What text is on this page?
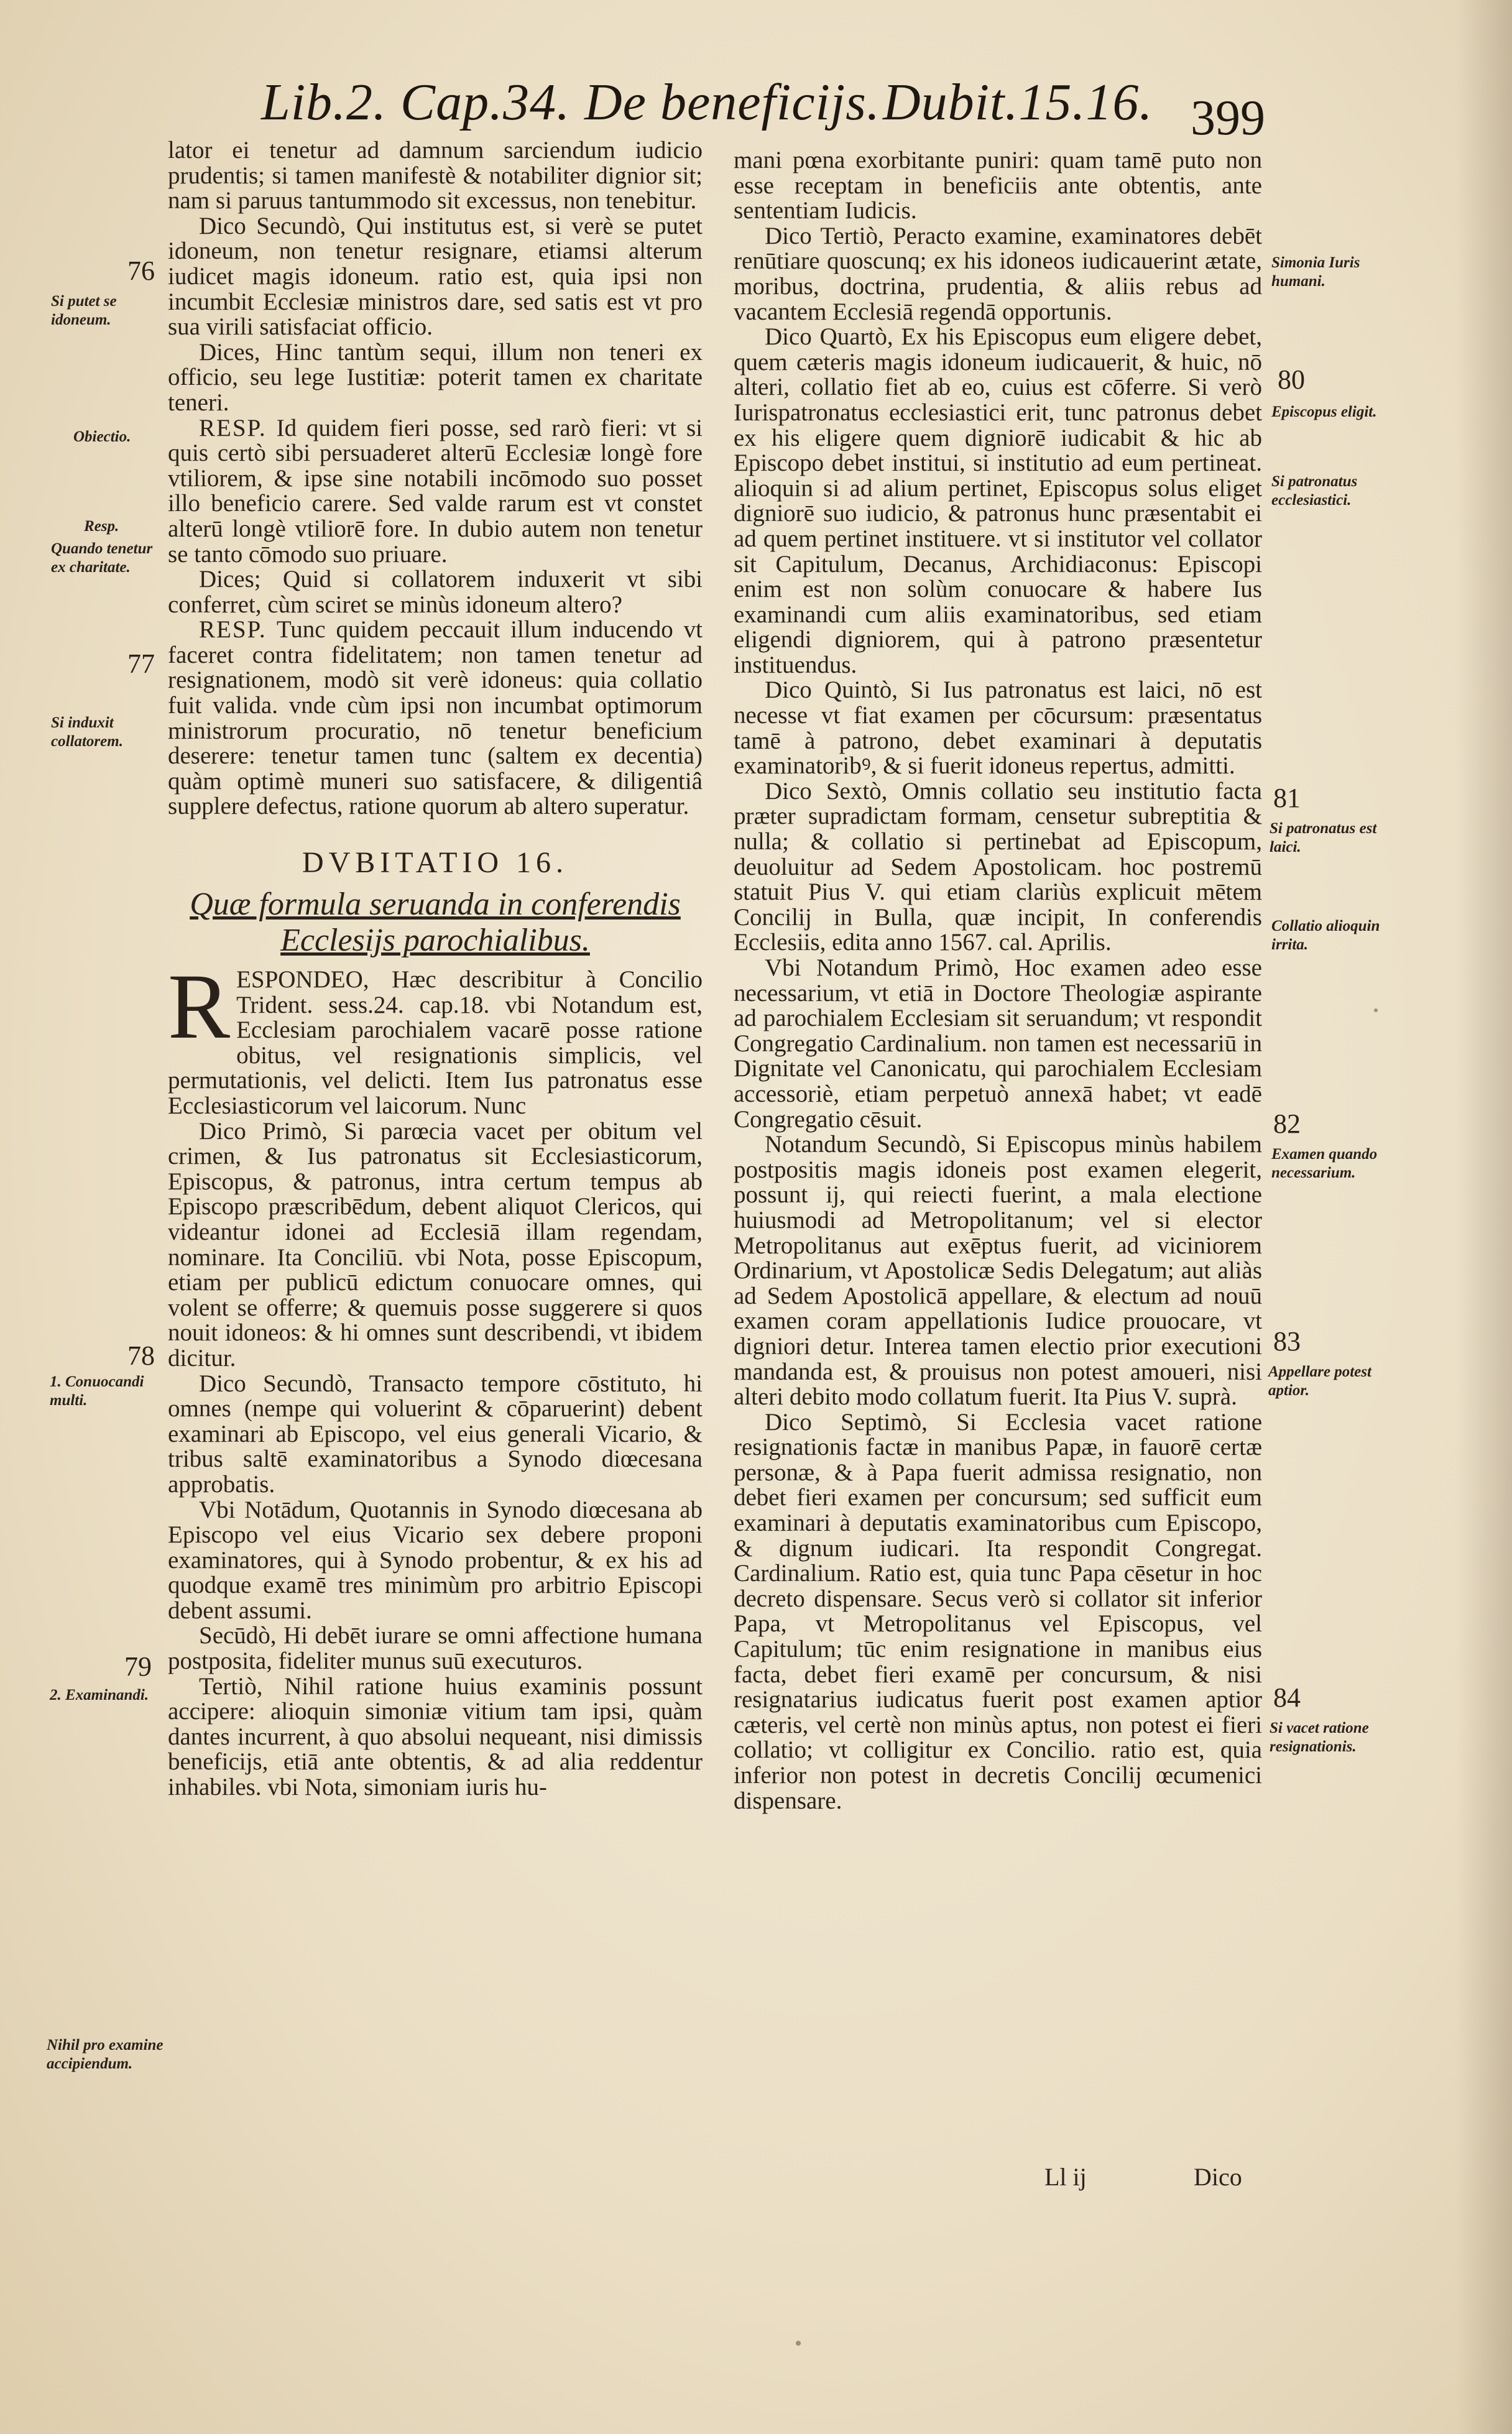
Lib.2. Cap.34. De beneficijs. Dubit.15.16. 399

lator ei tenetur ad damnum sarciendum iudicio prudentis; si tamen manifestè & notabiliter dignior sit; nam si paruus tantummodo sit excessus, non tenebitur.

Dico Secundò, Qui institutus est, si verè se putet idoneum, non tenetur resignare, etiamsi alterum iudicet magis idoneum. ratio est, quia ipsi non incumbit Ecclesiæ ministros dare, sed satis est vt pro sua virili satisfaciat officio.

Dices, Hinc tantùm sequi, illum non teneri ex officio, seu lege Iustitiæ: poterit tamen ex charitate teneri.

RESP. Id quidem fieri posse, sed rarò fieri: vt si quis certò sibi persuaderet alterū Ecclesiæ longè fore vtiliorem, & ipse sine notabili incōmodo suo posset illo beneficio carere. Sed valde rarum est vt constet alterū longè vtiliorē fore. In dubio autem non tenetur se tanto cōmodo suo priuare.

Dices; Quid si collatorem induxerit vt sibi conferret, cùm sciret se minùs idoneum altero?

RESP. Tunc quidem peccauit illum inducendo vt faceret contra fidelitatem; non tamen tenetur ad resignationem, modò sit verè idoneus: quia collatio fuit valida. vnde cùm ipsi non incumbat optimorum ministrorum procuratio, nō tenetur beneficium deserere: tenetur tamen tunc (saltem ex decentia) quàm optimè muneri suo satisfacere, & diligentiâ supplere defectus, ratione quorum ab altero superatur.

DVBITATIO 16.
Quæ formula seruanda in conferendis Ecclesijs parochialibus.

RESPONDEO, Hæc describitur à Concilio Trident. sess.24. cap.18. vbi Notandum est, Ecclesiam parochialem vacarē posse ratione obitus, vel resignationis simplicis, vel permutationis, vel delicti. Item Ius patronatus esse Ecclesiasticorum vel laicorum. Nunc

Dico Primò, Si parœcia vacet per obitum vel crimen, & Ius patronatus sit Ecclesiasticorum, Episcopus, & patronus, intra certum tempus ab Episcopo præscribēdum, debent aliquot Clericos, qui videantur idonei ad Ecclesiā illam regendam, nominare. Ita Conciliū. vbi Nota, posse Episcopum, etiam per publicū edictum conuocare omnes, qui volent se offerre; & quemuis posse suggerere si quos nouit idoneos: & hi omnes sunt describendi, vt ibidem dicitur.

Dico Secundò, Transacto tempore cōstituto, hi omnes (nempe qui voluerint & cōparuerint) debent examinari ab Episcopo, vel eius generali Vicario, & tribus saltē examinatoribus a Synodo diœcesana approbatis.

Vbi Notādum, Quotannis in Synodo diœcesana ab Episcopo vel eius Vicario sex debere proponi examinatores, qui à Synodo probentur, & ex his ad quodque examē tres minimùm pro arbitrio Episcopi debent assumi.

Secūdò, Hi debēt iurare se omni affectione humana postposita, fideliter munus suū executuros.

Tertiò, Nihil ratione huius examinis possunt accipere: alioquin simoniæ vitium tam ipsi, quàm dantes incurrent, à quo absolui nequeant, nisi dimissis beneficijs, etiā ante obtentis, & ad alia reddentur inhabiles. vbi Nota, simoniam iuris hu-

mani pœna exorbitante puniri: quam tamē puto non esse receptam in beneficiis ante obtentis, ante sententiam Iudicis.

Dico Tertiò, Peracto examine, examinatores debēt renūtiare quoscunq; ex his idoneos iudicauerint ætate, moribus, doctrina, prudentia, & aliis rebus ad vacantem Ecclesiā regendā opportunis.

Dico Quartò, Ex his Episcopus eum eligere debet, quem cæteris magis idoneum iudicauerit, & huic, nō alteri, collatio fiet ab eo, cuius est cōferre. Si verò Iurispatronatus ecclesiastici erit, tunc patronus debet ex his eligere quem digniorē iudicabit & hic ab Episcopo debet institui, si institutio ad eum pertineat. alioquin si ad alium pertinet, Episcopus solus eliget digniorē suo iudicio, & patronus hunc præsentabit ei ad quem pertinet instituere. vt si institutor vel collator sit Capitulum, Decanus, Archidiaconus: Episcopi enim est non solùm conuocare & habere Ius examinandi cum aliis examinatoribus, sed etiam eligendi digniorem, qui à patrono præsentetur instituendus.

Dico Quintò, Si Ius patronatus est laici, nō est necesse vt fiat examen per cōcursum: præsentatus tamē à patrono, debet examinari à deputatis examinatoribꝰ, & si fuerit idoneus repertus, admitti.

Dico Sextò, Omnis collatio seu institutio facta præter supradictam formam, censetur subreptitia & nulla; & collatio si pertinebat ad Episcopum, deuoluitur ad Sedem Apostolicam. hoc postremū statuit Pius V. qui etiam clariùs explicuit mētem Concilij in Bulla, quæ incipit, In conferendis Ecclesiis, edita anno 1567. cal. Aprilis.

Vbi Notandum Primò, Hoc examen adeo esse necessarium, vt etiā in Doctore Theologiæ aspirante ad parochialem Ecclesiam sit seruandum; vt respondit Congregatio Cardinalium. non tamen est necessariū in Dignitate vel Canonicatu, qui parochialem Ecclesiam accessoriè, etiam perpetuò annexā habet; vt eadē Congregatio cēsuit.

Notandum Secundò, Si Episcopus minùs habilem postpositis magis idoneis post examen elegerit, possunt ij, qui reiecti fuerint, a mala electione huiusmodi ad Metropolitanum; vel si elector Metropolitanus aut exēptus fuerit, ad viciniorem Ordinarium, vt Apostolicæ Sedis Delegatum; aut aliàs ad Sedem Apostolicā appellare, & electum ad nouū examen coram appellationis Iudice prouocare, vt digniori detur. Interea tamen electio prior executioni mandanda est, & prouisus non potest amoueri, nisi alteri debito modo collatum fuerit. Ita Pius V. suprà.

Dico Septimò, Si Ecclesia vacet ratione resignationis factæ in manibus Papæ, in fauorē certæ personæ, & à Papa fuerit admissa resignatio, non debet fieri examen per concursum; sed sufficit eum examinari à deputatis examinatoribus cum Episcopo, & dignum iudicari. Ita respondit Congregat. Cardinalium. Ratio est, quia tunc Papa cēsetur in hoc decreto dispensare. Secus verò si collator sit inferior Papa, vt Metropolitanus vel Episcopus, vel Capitulum; tūc enim resignatione in manibus eius facta, debet fieri examē per concursum, & nisi resignatarius iudicatus fuerit post examen aptior cæteris, vel certè non minùs aptus, non potest ei fieri collatio; vt colligitur ex Concilio. ratio est, quia inferior non potest in decretis Concilij œcumenici dispensare.

76
Si putet se idoneum.
Obiectio.
Resp.
Quando tenetur ex charitate.
77
Si induxit collatorem.
78
1. Conuocandi multi.
79
2. Examinandi.
Nihil pro examine accipiendum.
Simonia Iuris humani.
80
Episcopus eligit.
Si patronatus ecclesiastici.
81
Si patronatus est laici.
Collatio alioquin irrita.
82
Examen quando necessarium.
83
Appellare potest aptior.
84
Si vacet ratione resignationis.
Ll ij	Dico
